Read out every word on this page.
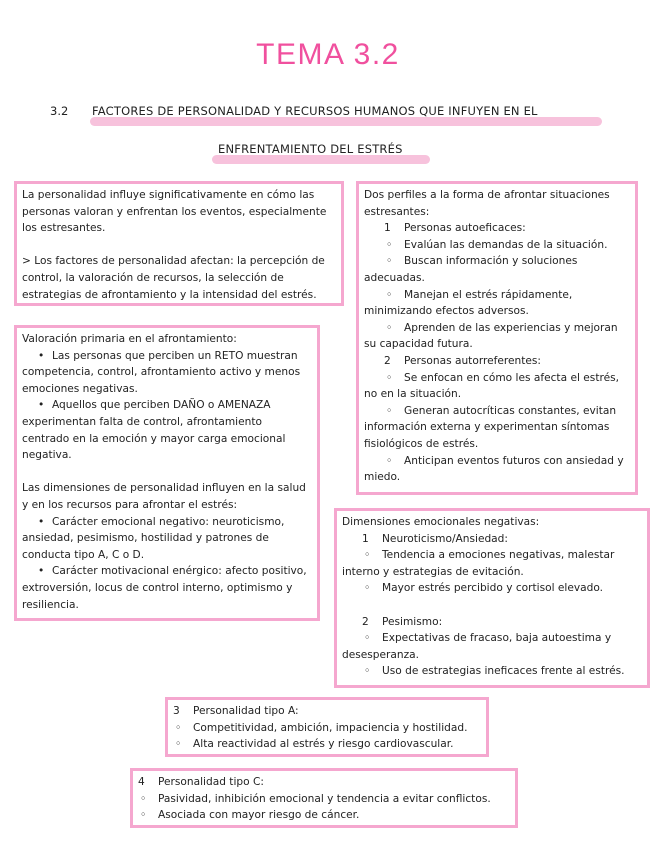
TEMA 3.2
3.2 FACTORES DE PERSONALIDAD Y RECURSOS HUMANOS QUE INFUYEN EN EL
ENFRENTAMIENTO DEL ESTRÉS

La personalidad influye significativamente en cómo las personas valoran y enfrentan los eventos, especialmente los estresantes.

> Los factores de personalidad afectan: la percepción de control, la valoración de recursos, la selección de estrategias de afrontamiento y la intensidad del estrés.

Dos perfiles a la forma de afrontar situaciones estresantes:

1 Personas autoeficaces:

◦ Evalúan las demandas de la situación.

◦ Buscan información y soluciones adecuadas.

◦ Manejan el estrés rápidamente, minimizando efectos adversos.

◦ Aprenden de las experiencias y mejoran su capacidad futura.

2 Personas autorreferentes:

◦ Se enfocan en cómo les afecta el estrés, no en la situación.

◦ Generan autocríticas constantes, evitan información externa y experimentan síntomas fisiológicos de estrés.

◦ Anticipan eventos futuros con ansiedad y miedo.

Valoración primaria en el afrontamiento:

• Las personas que perciben un RETO muestran competencia, control, afrontamiento activo y menos emociones negativas.

• Aquellos que perciben DAÑO o AMENAZA experimentan falta de control, afrontamiento centrado en la emoción y mayor carga emocional negativa.

Las dimensiones de personalidad influyen en la salud y en los recursos para afrontar el estrés:

• Carácter emocional negativo: neuroticismo, ansiedad, pesimismo, hostilidad y patrones de conducta tipo A, C o D.

• Carácter motivacional enérgico: afecto positivo, extroversión, locus de control interno, optimismo y resiliencia.

Dimensiones emocionales negativas:

1 Neuroticismo/Ansiedad:

◦ Tendencia a emociones negativas, malestar interno y estrategias de evitación.

◦ Mayor estrés percibido y cortisol elevado.

2 Pesimismo:

◦ Expectativas de fracaso, baja autoestima y desesperanza.

◦ Uso de estrategias ineficaces frente al estrés.

3 Personalidad tipo A:

◦ Competitividad, ambición, impaciencia y hostilidad.

◦ Alta reactividad al estrés y riesgo cardiovascular.

4 Personalidad tipo C:

◦ Pasividad, inhibición emocional y tendencia a evitar conflictos.

◦ Asociada con mayor riesgo de cáncer.
